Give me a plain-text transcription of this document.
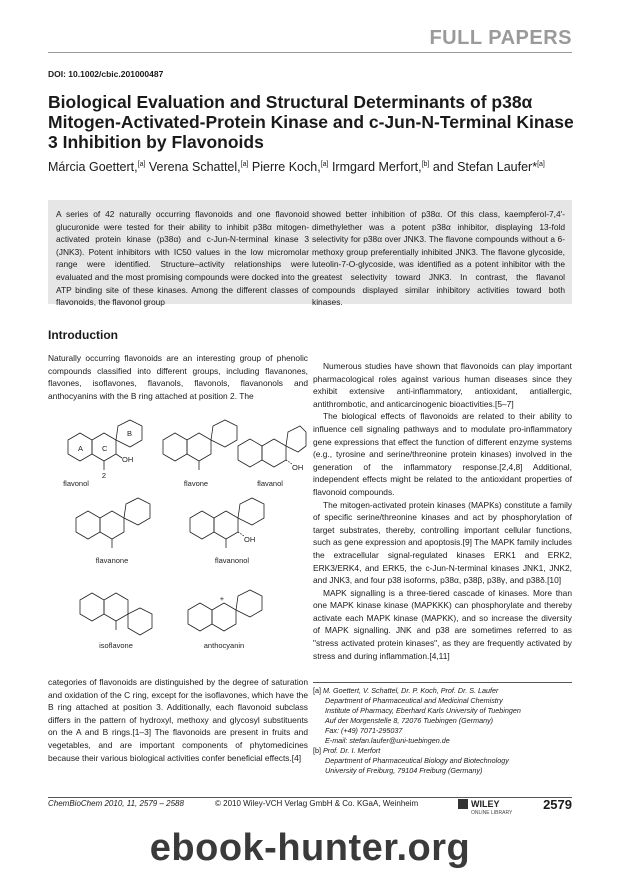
FULL PAPERS
DOI: 10.1002/cbic.201000487
Biological Evaluation and Structural Determinants of p38α Mitogen-Activated-Protein Kinase and c-Jun-N-Terminal Kinase 3 Inhibition by Flavonoids
Márcia Goettert,[a] Verena Schattel,[a] Pierre Koch,[a] Irmgard Merfort,[b] and Stefan Laufer*[a]
A series of 42 naturally occurring flavonoids and one flavonoid glucuronide were tested for their ability to inhibit p38α mitogen-activated protein kinase (p38α) and c-Jun-N-terminal kinase 3 (JNK3). Potent inhibitors with IC50 values in the low micromolar range were identified. Structure–activity relationships were evaluated and the most promising compounds were docked into the ATP binding site of these kinases. Among the different classes of flavonoids, the flavonol group
showed better inhibition of p38α. Of this class, kaempferol-7,4′-dimethylether was a potent p38α inhibitor, displaying 13-fold selectivity for p38α over JNK3. The flavone compounds without a 6-methoxy group preferentially inhibited JNK3. The flavone glycoside, luteolin-7-O-glycoside, was identified as a potent inhibitor with the greatest selectivity toward JNK3. In contrast, the flavanol compounds displayed similar inhibitory activities toward both kinases.
Introduction

Naturally occurring flavonoids are an interesting group of phenolic compounds classified into different groups, including flavanones, flavones, isoflavones, flavanols, flavonols, flavanonols and anthocyanins with the B ring attached at position 2. The

A	C
B
OH
2
flavonol	flavone
OH
flavanol
flavanone
OH
flavanonol
isoflavone
+
anthocyanin

categories of flavonoids are distinguished by the degree of saturation and oxidation of the C ring, except for the isoflavones, which have the B ring attached at position 3. Additionally, each flavonoid subclass differs in the pattern of hydroxyl, methoxy and glycosyl substituents on the A and B rings.[1–3] The flavonoids are present in fruits and vegetables, and are important components of phytomedicines because their various biological activities confer beneficial effects.[4]

Numerous studies have shown that flavonoids can play important pharmacological roles against various human diseases since they exhibit extensive anti-inflammatory, antioxidant, antiallergic, antithrombotic, and anticarcinogenic bioactivities.[5–7]

The biological effects of flavonoids are related to their ability to influence cell signaling pathways and to modulate pro-inflammatory gene expressions that effect the function of different enzyme systems (e.g., tyrosine and serine/threonine protein kinases) involved in the generation of the inflammatory response.[2,4,8] Additional, independent effects might be related to the antioxidant properties of flavonoid compounds.

The mitogen-activated protein kinases (MAPKs) constitute a family of specific serine/threonine kinases and act by phosphorylation of target substrates, thereby, controlling important cellular functions, such as gene expression and apoptosis.[9] The MAPK family includes the extracellular signal-regulated kinases ERK1 and ERK2, ERK3/ERK4, and ERK5, the c-Jun-N-terminal kinases JNK1, JNK2, and JNK3, and four p38 isoforms, p38α, p38β, p38γ, and p38δ.[10]

MAPK signalling is a three-tiered cascade of kinases. More than one MAPK kinase kinase (MAPKKK) can phosphorylate and thereby activate each MAPK kinase (MAPKK), and so increase the diversity of MAPK signalling. JNK and p38 are sometimes referred to as "stress activated protein kinases", as they are frequently activated by stress and during inflammation.[4,11]

[a] M. Goettert, V. Schattel, Dr. P. Koch, Prof. Dr. S. Laufer
Department of Pharmaceutical and Medicinal Chemistry
Institute of Pharmacy, Eberhard Karls University of Tuebingen
Auf der Morgenstelle 8, 72076 Tuebingen (Germany)
Fax: (+49) 7071-295037
E-mail: stefan.laufer@uni-tuebingen.de
[b] Prof. Dr. I. Merfort
Department of Pharmaceutical Biology and Biotechnology
University of Freiburg, 79104 Freiburg (Germany)
ChemBioChem 2010, 11, 2579 – 2588	© 2010 Wiley-VCH Verlag GmbH & Co. KGaA, Weinheim	WILEY
ONLINE LIBRARY
2579
ebook-hunter.org
